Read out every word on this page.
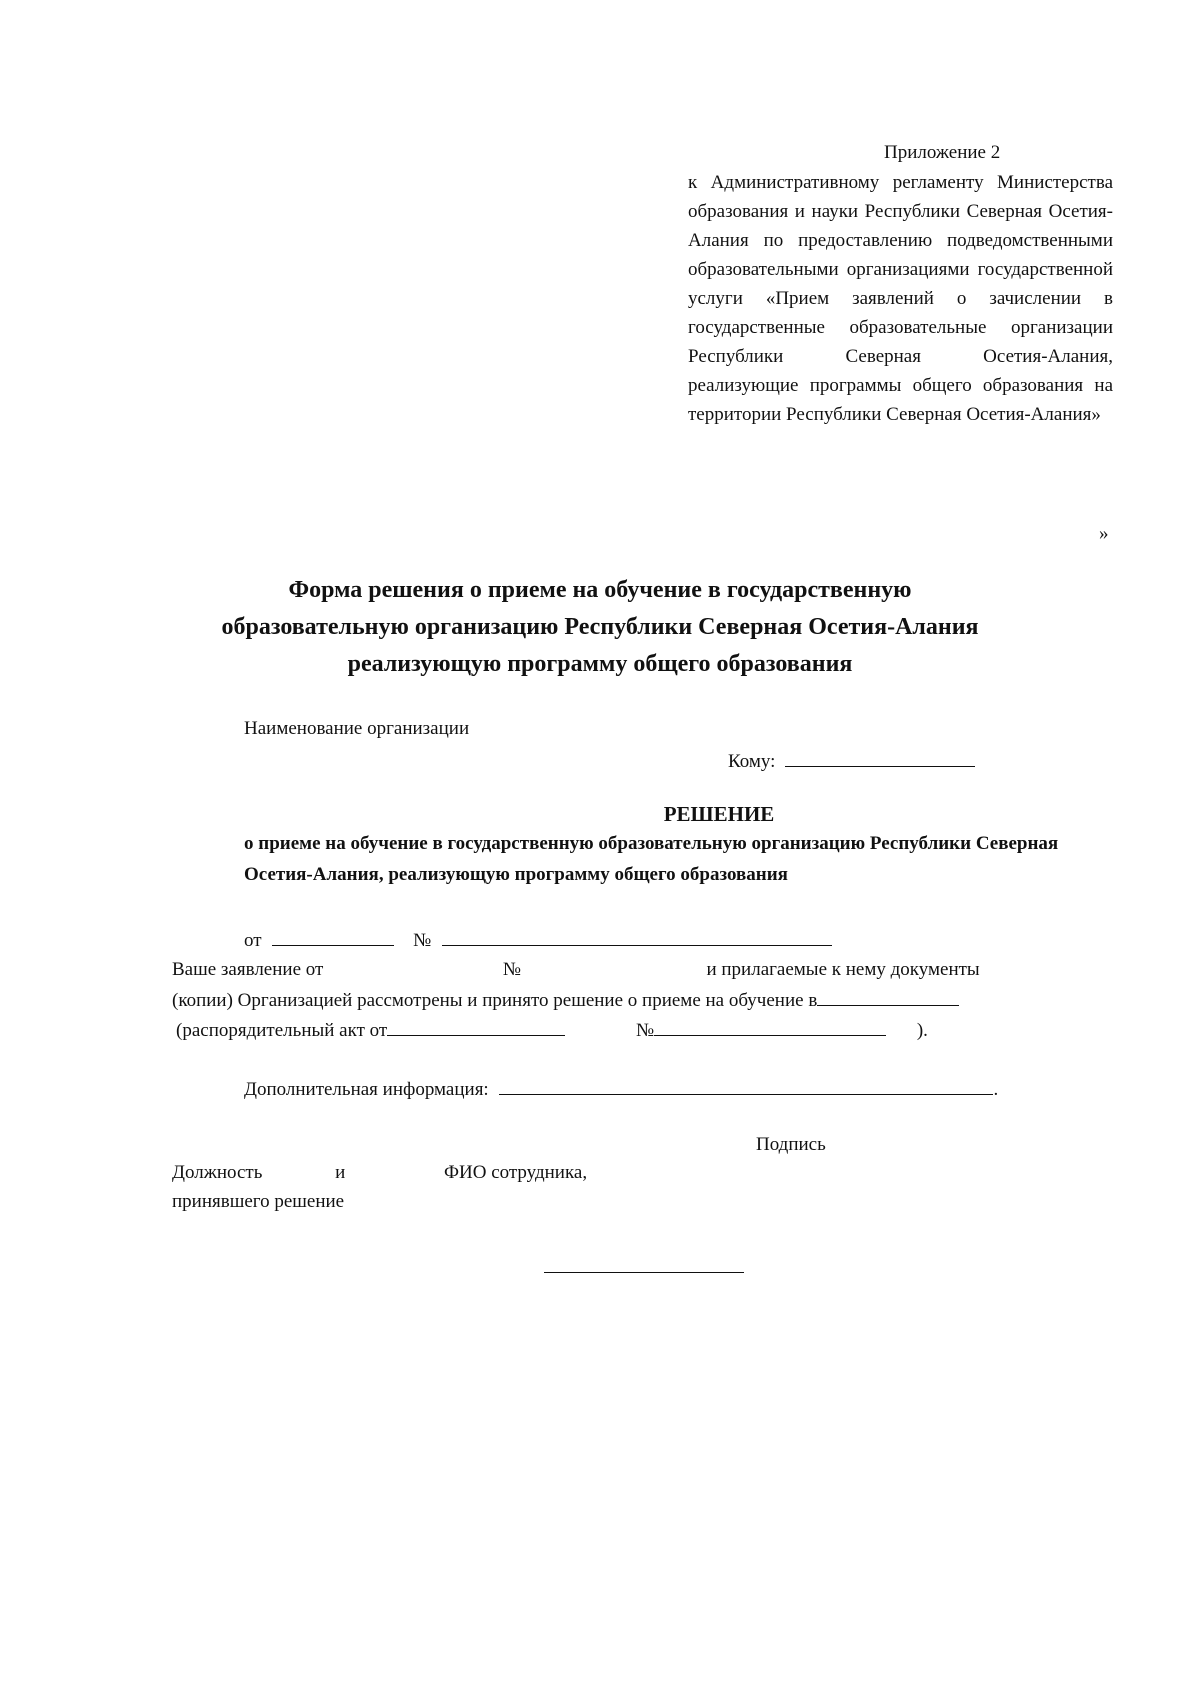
Приложение 2
к Административному регламенту Министерства образования и науки Республики Северная Осетия-Алания по предоставлению подведомственными образовательными организациями государственной услуги «Прием заявлений о зачислении в государственные образовательные организации Республики Северная Осетия-Алания, реализующие программы общего образования на территории Республики Северная Осетия-Алания»
»
Форма решения о приеме на обучение в государственную образовательную организацию Республики Северная Осетия-Алания реализующую программу общего образования
Наименование организации
Кому:
РЕШЕНИЕ
о приеме на обучение в государственную образовательную организацию Республики Северная Осетия-Алания, реализующую программу общего образования
от	№
Ваше заявление от	№	и прилагаемые к нему документы
(копии) Организацией рассмотрены и принято решение о приеме на обучение в
(распорядительный акт от	№	).
Дополнительная информация:	.
Подпись
Должность	и	ФИО сотрудника,
принявшего решение
